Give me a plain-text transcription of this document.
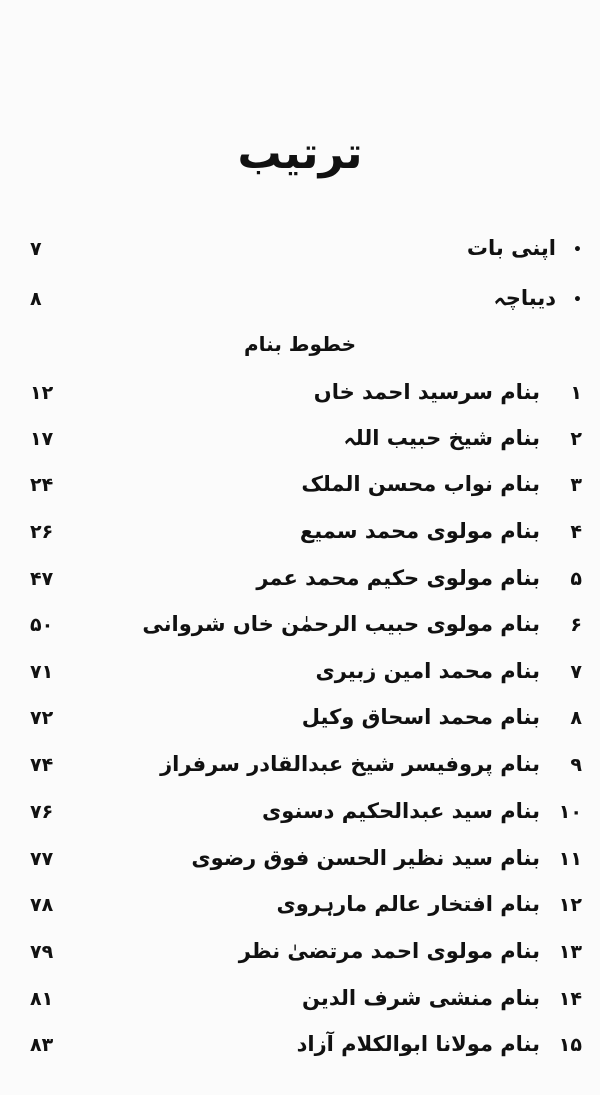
ترتیب
•
اپنی بات
۷
•
دیباچہ
۸
خطوط بنام
۱
بنام سرسید احمد خاں
۱۲
۲
بنام شیخ حبیب اللہ
۱۷
۳
بنام نواب محسن الملک
۲۴
۴
بنام مولوی محمد سمیع
۲۶
۵
بنام مولوی حکیم محمد عمر
۴۷
۶
بنام مولوی حبیب الرحمٰن خاں شروانی
۵۰
۷
بنام محمد امین زبیری
۷۱
۸
بنام محمد اسحاق وکیل
۷۲
۹
بنام پروفیسر شیخ عبدالقادر سرفراز
۷۴
۱۰
بنام سید عبدالحکیم دسنوی
۷۶
۱۱
بنام سید نظیر الحسن فوق رضوی
۷۷
۱۲
بنام افتخار عالم مارہروی
۷۸
۱۳
بنام مولوی احمد مرتضیٰ نظر
۷۹
۱۴
بنام منشی شرف الدین
۸۱
۱۵
بنام مولانا ابوالکلام آزاد
۸۳
